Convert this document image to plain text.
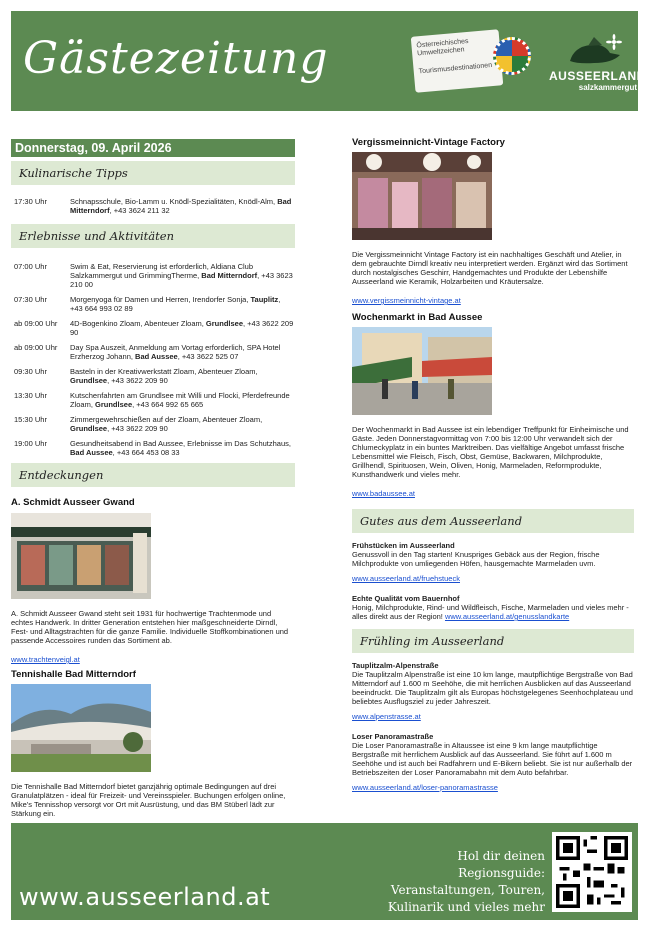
Gästezeitung	Österreichisches
Umweltzeichen
Tourismusdestinationen
AUSSEERLAND
salzkammergut
Donnerstag, 09. April 2026
Kulinarische Tipps
17:30 Uhr	Schnapsschule, Bio-Lamm u. Knödl-Spezialitäten, Knödl-Alm, Bad Mitterndorf, +43 3624 211 32
Erlebnisse und Aktivitäten
07:00 Uhr	Swim & Eat, Reservierung ist erforderlich, Aldiana Club Salzkammergut und GrimmingTherme, Bad Mitterndorf, +43 3623 210 00
07:30 Uhr	Morgenyoga für Damen und Herren, Irendorfer Sonja, Tauplitz, +43 664 993 02 89
ab 09:00 Uhr	4D-Bogenkino Zloam, Abenteuer Zloam, Grundlsee, +43 3622 209 90
ab 09:00 Uhr	Day Spa Auszeit, Anmeldung am Vortag erforderlich, SPA Hotel Erzherzog Johann, Bad Aussee, +43 3622 525 07
09:30 Uhr	Basteln in der Kreativwerkstatt Zloam, Abenteuer Zloam, Grundlsee, +43 3622 209 90
13:30 Uhr	Kutschenfahrten am Grundlsee mit Willi und Flocki, Pferdefreunde Zloam, Grundlsee, +43 664 992 65 665
15:30 Uhr	Zimmergewehrschießen auf der Zloam, Abenteuer Zloam, Grundlsee, +43 3622 209 90
19:00 Uhr	Gesundheitsabend in Bad Aussee, Erlebnisse im Das Schutzhaus, Bad Aussee, +43 664 453 08 33
Entdeckungen
A. Schmidt Ausseer Gwand
A. Schmidt Ausseer Gwand steht seit 1931 für hochwertige Trachtenmode und echtes Handwerk. In dritter Generation entstehen hier maßgeschneiderte Dirndl, Fest- und Alltagstrachten für die ganze Familie. Individuelle Stoffkombinationen und passende Accessoires runden das Sortiment ab.
www.trachtenveigl.at
Tennishalle Bad Mitterndorf
Die Tennishalle Bad Mitterndorf bietet ganzjährig optimale Bedingungen auf drei Granulatplätzen - ideal für Freizeit- und Vereinsspieler. Buchungen erfolgen online, Mike's Tennisshop versorgt vor Ort mit Ausrüstung, und das BM Stüberl lädt zur Stärkung ein.
Vergissmeinnicht-Vintage Factory
Die Vergissmeinnicht Vintage Factory ist ein nachhaltiges Geschäft und Atelier, in dem gebrauchte Dirndl kreativ neu interpretiert werden. Ergänzt wird das Sortiment durch nostalgisches Geschirr, Handgemachtes und Produkte der Lebenshilfe Ausseerland wie Keramik, Holzarbeiten und Kräutersalze.
www.vergissmeinnicht-vintage.at
Wochenmarkt in Bad Aussee
Der Wochenmarkt in Bad Aussee ist ein lebendiger Treffpunkt für Einheimische und Gäste. Jeden Donnerstagvormittag von 7:00 bis 12:00 Uhr verwandelt sich der Chlumeckyplatz in ein buntes Marktreiben. Das vielfältige Angebot umfasst frische Lebensmittel wie Fleisch, Fisch, Obst, Gemüse, Backwaren, Milchprodukte, Grillhendl, Spirituosen, Wein, Oliven, Honig, Marmeladen, Reformprodukte, Kunsthandwerk und vieles mehr.
www.badaussee.at
Gutes aus dem Ausseerland
Frühstücken im Ausseerland
Genussvoll in den Tag starten! Knuspriges Gebäck aus der Region, frische Milchprodukte von umliegenden Höfen, hausgemachte Marmeladen uvm.
www.ausseerland.at/fruehstueck
Echte Qualität vom Bauernhof
Honig, Milchprodukte, Rind- und Wildfleisch, Fische, Marmeladen und vieles mehr - alles direkt aus der Region! www.ausseerland.at/genusslandkarte
Frühling im Ausseerland
Tauplitzalm-Alpenstraße
Die Tauplitzalm Alpenstraße ist eine 10 km lange, mautpflichtige Bergstraße von Bad Mitterndorf auf 1.600 m Seehöhe, die mit herrlichen Ausblicken auf das Ausseerland beeindruckt. Die Tauplitzalm gilt als Europas höchstgelegenes Seenhochplateau und beliebtes Ausflugsziel zu jeder Jahreszeit.
www.alpenstrasse.at
Loser Panoramastraße
Die Loser Panoramastraße in Altaussee ist eine 9 km lange mautpflichtige Bergstraße mit herrlichem Ausblick auf das Ausseerland. Sie führt auf 1.600 m Seehöhe und ist auch bei Radfahrern und E-Bikern beliebt. Sie ist nur außerhalb der Betriebszeiten der Loser Panoramabahn mit dem Auto befahrbar.
www.ausseerland.at/loser-panoramastrasse
www.ausseerland.at
Hol dir deinen Regionsguide:
Veranstaltungen, Touren,
Kulinarik und vieles mehr
